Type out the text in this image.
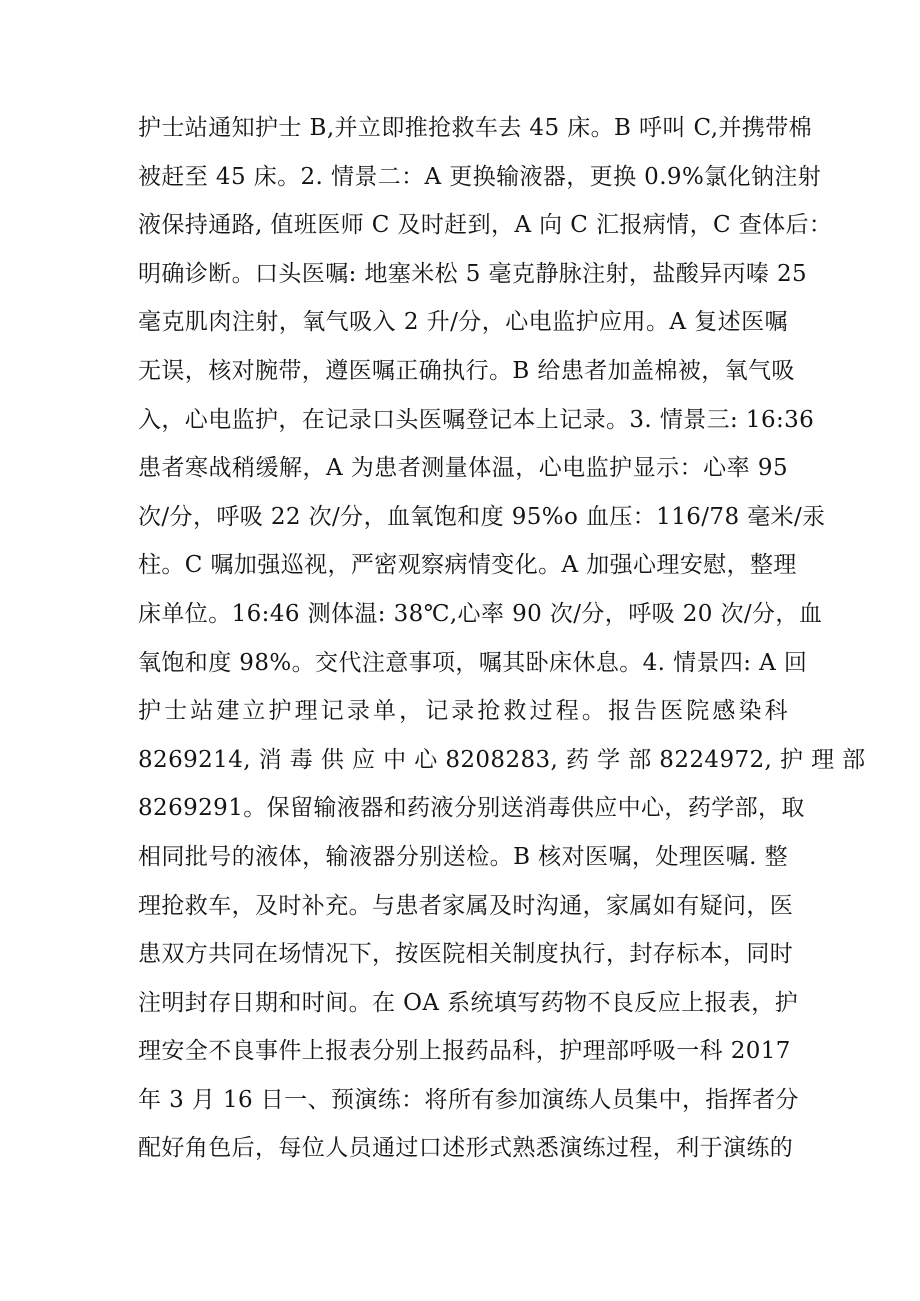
护士站通知护士 B,并立即推抢救车去 45 床。B 呼叫 C,并携带棉
被赶至 45 床。2. 情景二：A 更换输液器，更换 0.9%氯化钠注射
液保持通路, 值班医师 C 及时赶到，A 向 C 汇报病情，C 查体后：
明确诊断。口头医嘱: 地塞米松 5 毫克静脉注射，盐酸异丙嗪 25
毫克肌肉注射，氧气吸入 2 升/分，心电监护应用。A 复述医嘱
无误，核对腕带，遵医嘱正确执行。B 给患者加盖棉被，氧气吸
入，心电监护，在记录口头医嘱登记本上记录。3. 情景三: 16:36
患者寒战稍缓解，A 为患者测量体温，心电监护显示：心率 95
次/分，呼吸 22 次/分，血氧饱和度 95%o 血压：116/78 毫米/汞
柱。C 嘱加强巡视，严密观察病情变化。A 加强心理安慰，整理
床单位。16:46 测体温: 38℃,心率 90 次/分，呼吸 20 次/分，血
氧饱和度 98%。交代注意事项，嘱其卧床休息。4. 情景四: A 回
护士站建立护理记录单，记录抢救过程。报告医院感染科
8269214, 消 毒 供 应 中 心 8208283, 药 学 部 8224972, 护 理 部
8269291。保留输液器和药液分别送消毒供应中心，药学部，取
相同批号的液体，输液器分别送检。B 核对医嘱，处理医嘱. 整
理抢救车，及时补充。与患者家属及时沟通，家属如有疑问，医
患双方共同在场情况下，按医院相关制度执行，封存标本，同时
注明封存日期和时间。在 OA 系统填写药物不良反应上报表，护
理安全不良事件上报表分别上报药品科，护理部呼吸一科 2017
年 3 月 16 日一、预演练：将所有参加演练人员集中，指挥者分
配好角色后，每位人员通过口述形式熟悉演练过程，利于演练的
